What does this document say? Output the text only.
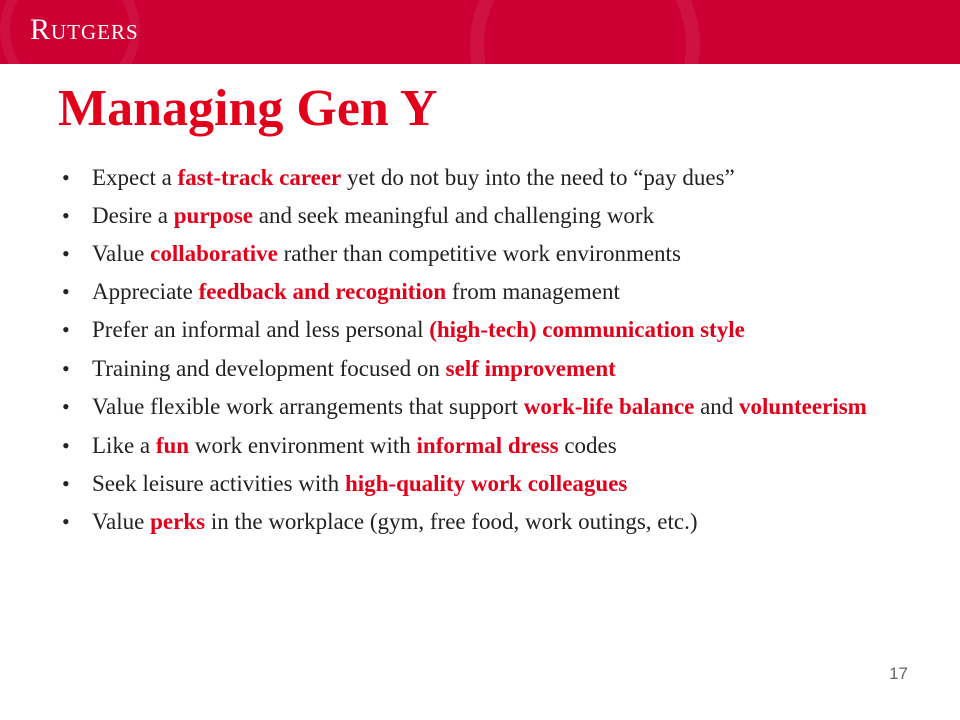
Rutgers
Managing Gen Y
• Expect a fast-track career yet do not buy into the need to “pay dues”
• Desire a purpose and seek meaningful and challenging work
• Value collaborative rather than competitive work environments
• Appreciate feedback and recognition from management
• Prefer an informal and less personal (high-tech) communication style
• Training and development focused on self improvement
• Value flexible work arrangements that support work-life balance and volunteerism
• Like a fun work environment with informal dress codes
• Seek leisure activities with high-quality work colleagues
• Value perks in the workplace (gym, free food, work outings, etc.)
17
